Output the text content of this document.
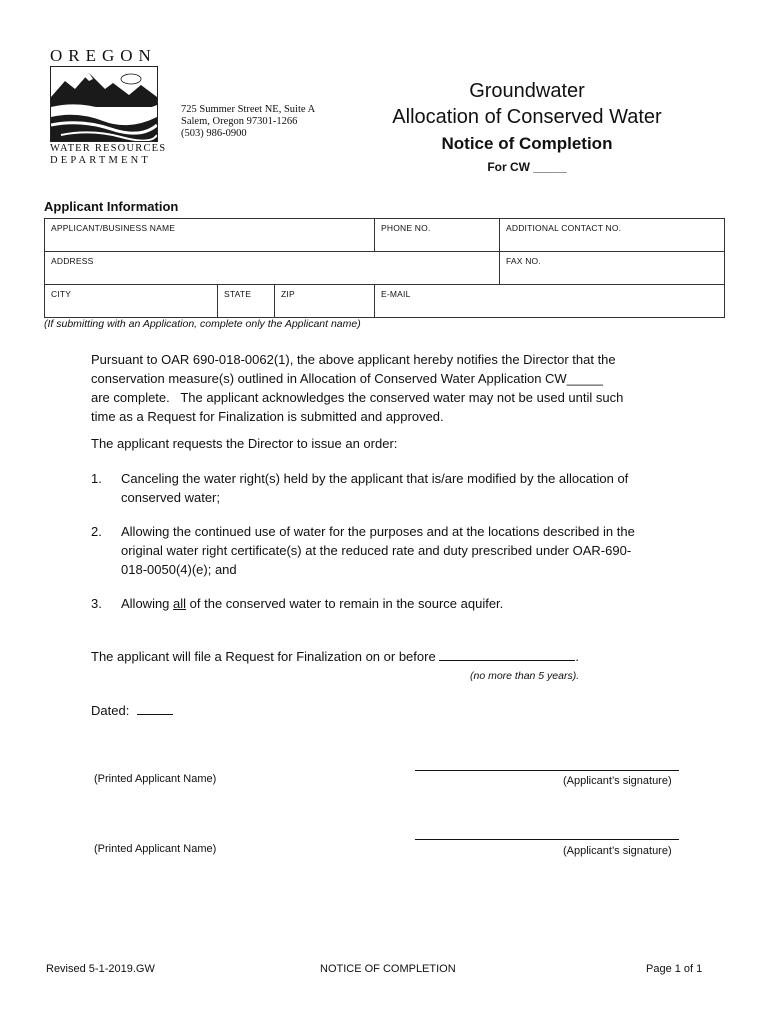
OREGON
WATER RESOURCES
DEPARTMENT
725 Summer Street NE, Suite A
Salem, Oregon 97301-1266
(503) 986-0900
Groundwater
Allocation of Conserved Water
Notice of Completion
For CW _____
Applicant Information
APPLICANT/BUSINESS NAME			PHONE NO.	ADDITIONAL CONTACT NO.
ADDRESS				FAX NO.
CITY	STATE	ZIP	E-MAIL	
(If submitting with an Application, complete only the Applicant name)
Pursuant to OAR 690-018-0062(1), the above applicant hereby notifies the Director that the
conservation measure(s) outlined in Allocation of Conserved Water Application CW_____
are complete.   The applicant acknowledges the conserved water may not be used until such
time as a Request for Finalization is submitted and approved.
The applicant requests the Director to issue an order:
1. Canceling the water right(s) held by the applicant that is/are modified by the allocation of
conserved water;
2. Allowing the continued use of water for the purposes and at the locations described in the
original water right certificate(s) at the reduced rate and duty prescribed under OAR-690-
018-0050(4)(e); and
3. Allowing all of the conserved water to remain in the source aquifer.
The applicant will file a Request for Finalization on or before	.
(no more than 5 years).
Dated:
(Printed Applicant Name)	(Applicant’s signature)
(Printed Applicant Name)	(Applicant’s signature)
Revised 5-1-2019.GW	NOTICE OF COMPLETION	Page 1 of 1
